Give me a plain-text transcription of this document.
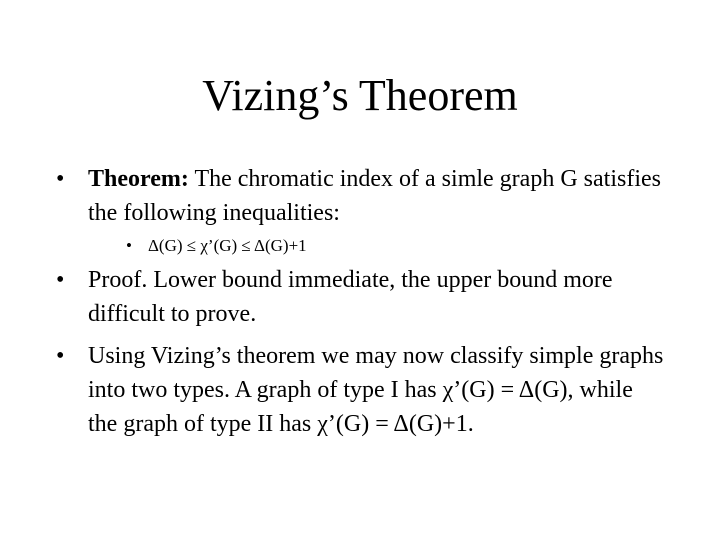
Vizing’s Theorem
• Theorem: The chromatic index of a simle graph G satisfies the following inequalities:
• Δ(G) ≤ χ’(G) ≤ Δ(G)+1
• Proof. Lower bound immediate, the upper bound more difficult to prove.
• Using Vizing’s theorem we may now classify simple graphs into two types. A graph of type I has χ’(G) = Δ(G), while the graph of type II has χ’(G) = Δ(G)+1.
